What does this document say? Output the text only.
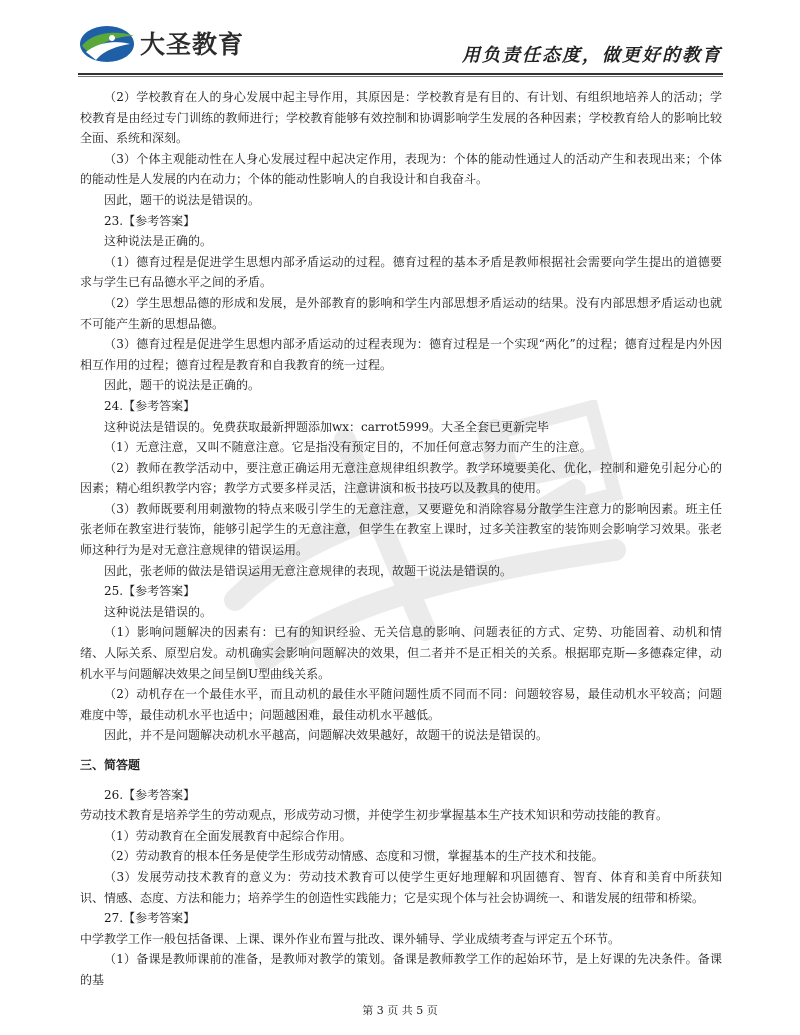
大圣教育	用负责任态度，做更好的教育

（2）学校教育在人的身心发展中起主导作用，其原因是：学校教育是有目的、有计划、有组织地培养人的活动；学校教育是由经过专门训练的教师进行；学校教育能够有效控制和协调影响学生发展的各种因素；学校教育给人的影响比较全面、系统和深刻。

（3）个体主观能动性在人身心发展过程中起决定作用，表现为：个体的能动性通过人的活动产生和表现出来；个体的能动性是人发展的内在动力；个体的能动性影响人的自我设计和自我奋斗。

因此，题干的说法是错误的。

23.【参考答案】

这种说法是正确的。

（1）德育过程是促进学生思想内部矛盾运动的过程。德育过程的基本矛盾是教师根据社会需要向学生提出的道德要求与学生已有品德水平之间的矛盾。

（2）学生思想品德的形成和发展，是外部教育的影响和学生内部思想矛盾运动的结果。没有内部思想矛盾运动也就不可能产生新的思想品德。

（3）德育过程是促进学生思想内部矛盾运动的过程表现为：德育过程是一个实现“两化”的过程；德育过程是内外因相互作用的过程；德育过程是教育和自我教育的统一过程。

因此，题干的说法是正确的。

24.【参考答案】

这种说法是错误的。免费获取最新押题添加wx：carrot5999。大圣全套已更新完毕

（1）无意注意，又叫不随意注意。它是指没有预定目的，不加任何意志努力而产生的注意。

（2）教师在教学活动中，要注意正确运用无意注意规律组织教学。教学环境要美化、优化，控制和避免引起分心的因素；精心组织教学内容；教学方式要多样灵活，注意讲演和板书技巧以及教具的使用。

（3）教师既要利用刺激物的特点来吸引学生的无意注意，又要避免和消除容易分散学生注意力的影响因素。班主任张老师在教室进行装饰，能够引起学生的无意注意，但学生在教室上课时，过多关注教室的装饰则会影响学习效果。张老师这种行为是对无意注意规律的错误运用。

因此，张老师的做法是错误运用无意注意规律的表现，故题干说法是错误的。

25.【参考答案】

这种说法是错误的。

（1）影响问题解决的因素有：已有的知识经验、无关信息的影响、问题表征的方式、定势、功能固着、动机和情绪、人际关系、原型启发。动机确实会影响问题解决的效果，但二者并不是正相关的关系。根据耶克斯—多德森定律，动机水平与问题解决效果之间呈倒U型曲线关系。

（2）动机存在一个最佳水平，而且动机的最佳水平随问题性质不同而不同：问题较容易，最佳动机水平较高；问题难度中等，最佳动机水平也适中；问题越困难，最佳动机水平越低。

因此，并不是问题解决动机水平越高，问题解决效果越好，故题干的说法是错误的。

三、简答题

26.【参考答案】

劳动技术教育是培养学生的劳动观点，形成劳动习惯，并使学生初步掌握基本生产技术知识和劳动技能的教育。

（1）劳动教育在全面发展教育中起综合作用。

（2）劳动教育的根本任务是使学生形成劳动情感、态度和习惯，掌握基本的生产技术和技能。

（3）发展劳动技术教育的意义为：劳动技术教育可以使学生更好地理解和巩固德育、智育、体育和美育中所获知识、情感、态度、方法和能力；培养学生的创造性实践能力；它是实现个体与社会协调统一、和谐发展的纽带和桥梁。

27.【参考答案】

中学教学工作一般包括备课、上课、课外作业布置与批改、课外辅导、学业成绩考查与评定五个环节。

（1）备课是教师课前的准备，是教师对教学的策划。备课是教师教学工作的起始环节，是上好课的先决条件。备课的基

第 3 页 共 5 页
